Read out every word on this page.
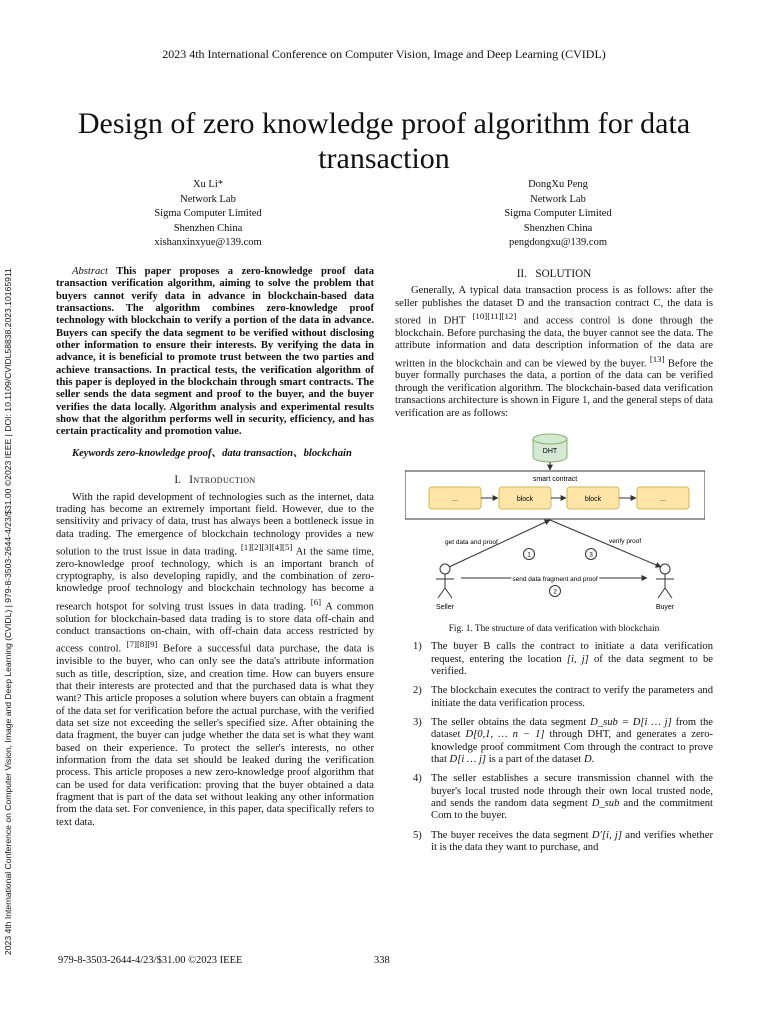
2023 4th International Conference on Computer Vision, Image and Deep Learning (CVIDL)
Design of zero knowledge proof algorithm for data transaction
Xu Li*
Network Lab
Sigma Computer Limited
Shenzhen China
xishanxinxyue@139.com
DongXu Peng
Network Lab
Sigma Computer Limited
Shenzhen China
pengdongxu@139.com
2023 4th International Conference on Computer Vision, Image and Deep Learning (CVIDL) | 979-8-3503-2644-4/23/$31.00 ©2023 IEEE | DOI: 10.1109/CVIDL58838.2023.10165911	Abstract This paper proposes a zero-knowledge proof data transaction verification algorithm, aiming to solve the problem that buyers cannot verify data in advance in blockchain-based data transactions. The algorithm combines zero-knowledge proof technology with blockchain to verify a portion of the data in advance. Buyers can specify the data segment to be verified without disclosing other information to ensure their interests. By verifying the data in advance, it is beneficial to promote trust between the two parties and achieve transactions. In practical tests, the verification algorithm of this paper is deployed in the blockchain through smart contracts. The seller sends the data segment and proof to the buyer, and the buyer verifies the data locally. Algorithm analysis and experimental results show that the algorithm performs well in security, efficiency, and has certain practicality and promotion value.

Keywords zero-knowledge proof、data transaction、blockchain

I. Introduction

With the rapid development of technologies such as the internet, data trading has become an extremely important field. However, due to the sensitivity and privacy of data, trust has always been a bottleneck issue in data trading. The emergence of blockchain technology provides a new solution to the trust issue in data trading. [1][2][3][4][5] At the same time, zero-knowledge proof technology, which is an important branch of cryptography, is also developing rapidly, and the combination of zero-knowledge proof technology and blockchain technology has become a research hotspot for solving trust issues in data trading. [6] A common solution for blockchain-based data trading is to store data off-chain and conduct transactions on-chain, with off-chain data access restricted by access control. [7][8][9] Before a successful data purchase, the data is invisible to the buyer, who can only see the data's attribute information such as title, description, size, and creation time. How can buyers ensure that their interests are protected and that the purchased data is what they want? This article proposes a solution where buyers can obtain a fragment of the data set for verification before the actual purchase, with the verified data set size not exceeding the seller's specified size. After obtaining the data fragment, the buyer can judge whether the data set is what they want based on their experience. To protect the seller's interests, no other information from the data set should be leaked during the verification process. This article proposes a new zero-knowledge proof algorithm that can be used for data verification: proving that the buyer obtained a data fragment that is part of the data set without leaking any other information from the data set. For convenience, in this paper, data specifically refers to text data.

II. SOLUTION

Generally, A typical data transaction process is as follows: after the seller publishes the dataset D and the transaction contract C, the data is stored in DHT [10][11][12] and access control is done through the blockchain. Before purchasing the data, the buyer cannot see the data. The attribute information and data description information of the data are written in the blockchain and can be viewed by the buyer. [13] Before the buyer formally purchases the data, a portion of the data can be verified through the verification algorithm. The blockchain-based data verification transactions architecture is shown in Figure 1, and the general steps of data verification are as follows:

DHT
smart contract
...	block	block	...
get data and proof	verify proof
1	3
send data fragment and proof
2
Seller	Buyer
Fig. 1. The structure of data verification with blockchain
1) The buyer B calls the contract to initiate a data verification request, entering the location [i, j] of the data segment to be verified.
2) The blockchain executes the contract to verify the parameters and initiate the data verification process.
3) The seller obtains the data segment D_sub = D[i … j] from the dataset D[0,1, … n − 1] through DHT, and generates a zero-knowledge proof commitment Com through the contract to prove that D[i … j] is a part of the dataset D.
4) The seller establishes a secure transmission channel with the buyer's local trusted node through their own local trusted node, and sends the random data segment D_sub and the commitment Com to the buyer.
5) The buyer receives the data segment D′[i, j] and verifies whether it is the data they want to purchase, and
979-8-3503-2644-4/23/$31.00 ©2023 IEEE	338
